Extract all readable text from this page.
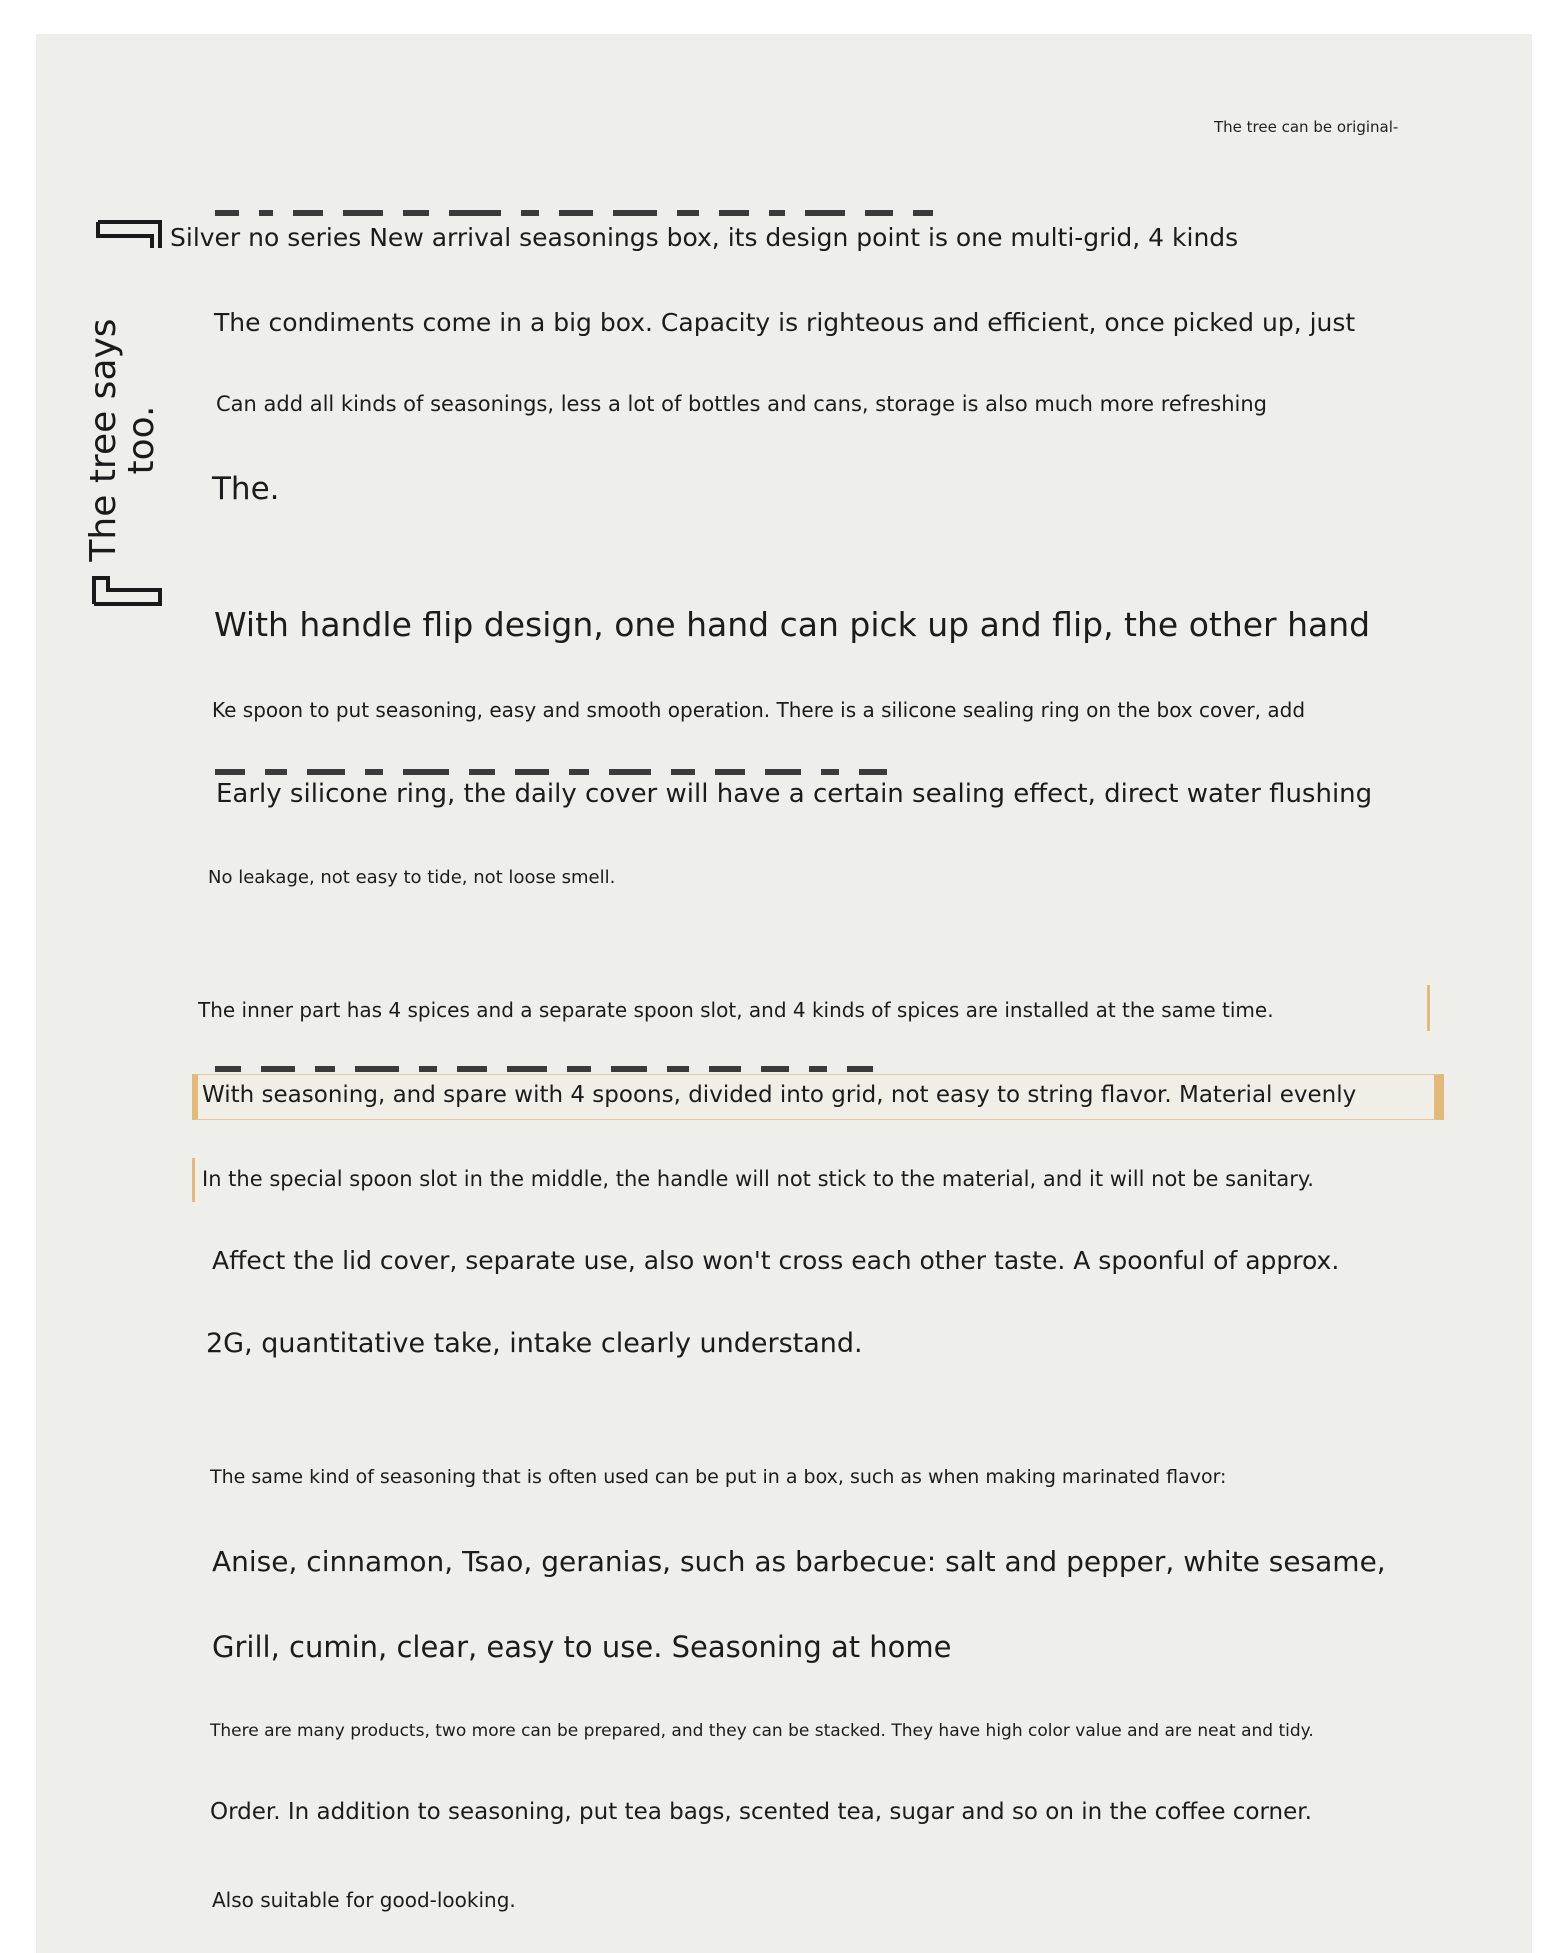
The tree can be original-
The tree says too.
Silver no series New arrival seasonings box, its design point is one multi-grid, 4 kinds
The condiments come in a big box. Capacity is righteous and efficient, once picked up, just
Can add all kinds of seasonings, less a lot of bottles and cans, storage is also much more refreshing
The.
With handle flip design, one hand can pick up and flip, the other hand
Ke spoon to put seasoning, easy and smooth operation. There is a silicone sealing ring on the box cover, add
Early silicone ring, the daily cover will have a certain sealing effect, direct water flushing
No leakage, not easy to tide, not loose smell.
The inner part has 4 spices and a separate spoon slot, and 4 kinds of spices are installed at the same time.
With seasoning, and spare with 4 spoons, divided into grid, not easy to string flavor. Material evenly
In the special spoon slot in the middle, the handle will not stick to the material, and it will not be sanitary.
Affect the lid cover, separate use, also won't cross each other taste. A spoonful of approx.
2G, quantitative take, intake clearly understand.
The same kind of seasoning that is often used can be put in a box, such as when making marinated flavor:
Anise, cinnamon, Tsao, geranias, such as barbecue: salt and pepper, white sesame,
Grill, cumin, clear, easy to use. Seasoning at home
There are many products, two more can be prepared, and they can be stacked. They have high color value and are neat and tidy.
Order. In addition to seasoning, put tea bags, scented tea, sugar and so on in the coffee corner.
Also suitable for good-looking.
